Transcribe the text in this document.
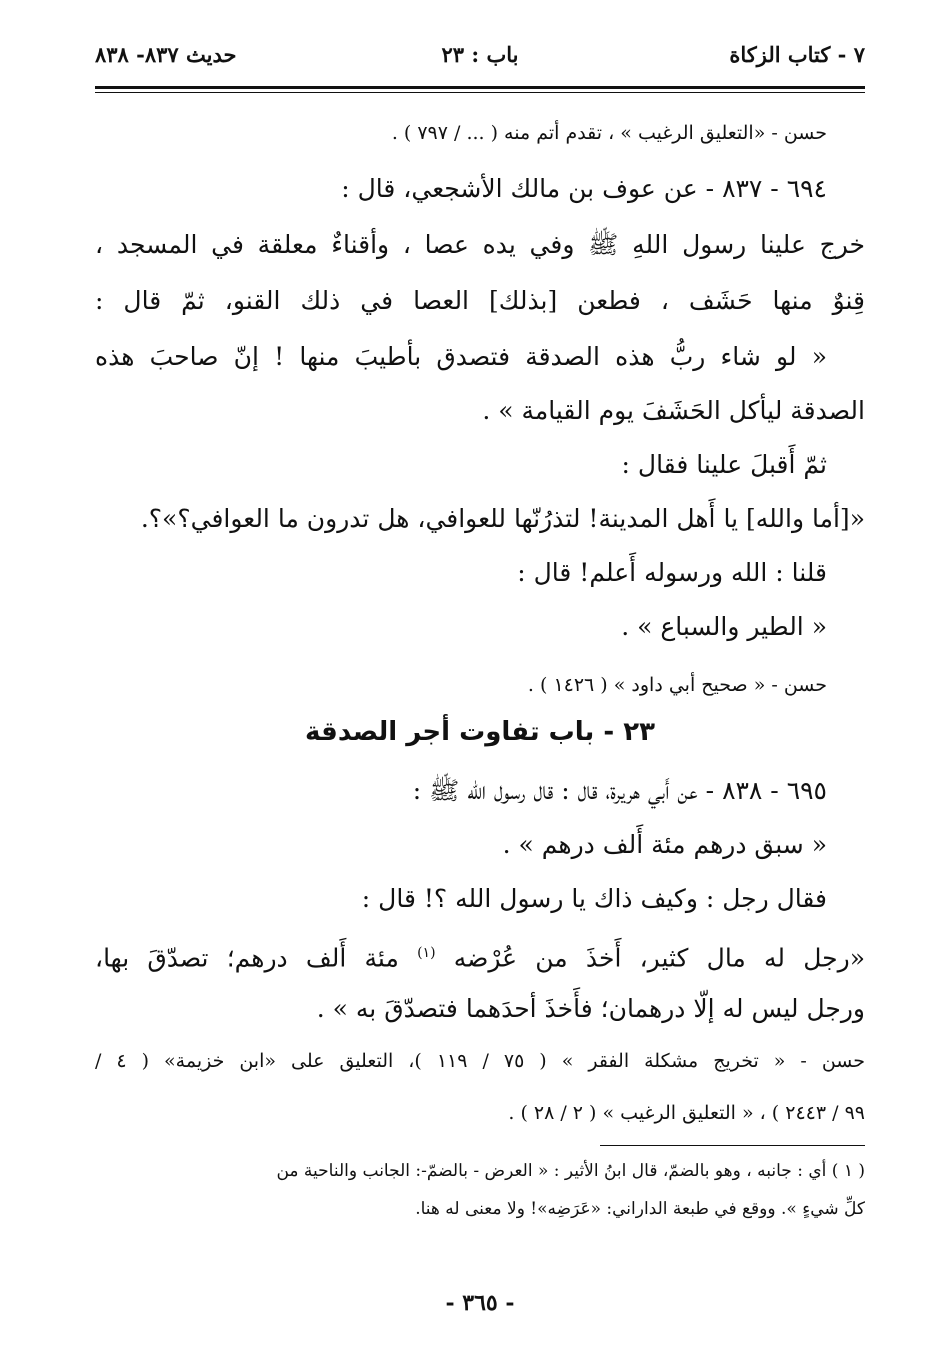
٧ - كتاب الزكاة
باب : ٢٣
حديث ٨٣٧- ٨٣٨
حسن - «التعليق الرغيب » ، تقدم أتم منه ( ... / ٧٩٧ ) .
٦٩٤ - ٨٣٧ - عن عوف بن مالك الأشجعي، قال :
خرج علينا رسول اللهِ ﷺ وفي يده عصا ، وأقناءٌ معلقة في المسجد ،
قِنوٌ منها حَشَف ، فطعن [بذلك] العصا في ذلك القنو، ثمّ قال :
« لو شاء ربُّ هذه الصدقة فتصدق بأطيبَ منها ! إنّ صاحبَ هذه
الصدقة ليأكل الحَشَفَ يوم القيامة » .
ثمّ أَقبلَ علينا فقال :
«[أما والله] يا أَهل المدينة! لتذرُنّها للعوافي، هل تدرون ما العوافي؟»؟.
قلنا : الله ورسوله أَعلم! قال :
« الطير والسباع » .
حسن - « صحيح أبي داود » ( ١٤٢٦ ) .
٢٣ - باب تفاوت أجر الصدقة
٦٩٥ - ٨٣٨ - عن أَبي هريرة، قال : قال رسول الله ﷺ :
« سبق درهم مئة أَلف درهم » .
فقال رجل : وكيف ذاك يا رسول الله ؟! قال :
«رجل له مال كثير، أَخذَ من عُرْضه $^{(١)}$ مئة أَلف درهم؛ تصدّقَ بها،
ورجل ليس له إلّا درهمان؛ فأَخذَ أحدَهما فتصدّقَ به » .
حسن - « تخريج مشكلة الفقر » ( ٧٥ / ١١٩ )، التعليق على «ابن خزيمة» ( ٤ /
٩٩ / ٢٤٤٣ ) ، « التعليق الرغيب » ( ٢ / ٢٨ ) .
( ١ ) أي : جانبه ، وهو بالضمّ، قال ابنُ الأثير : « العرض - بالضمّ-: الجانب والناحية من
كلِّ شيءٍ ». ووقع في طبعة الداراني: «عَرَضِه»! ولا معنى له هنا.
- ٣٦٥ -
